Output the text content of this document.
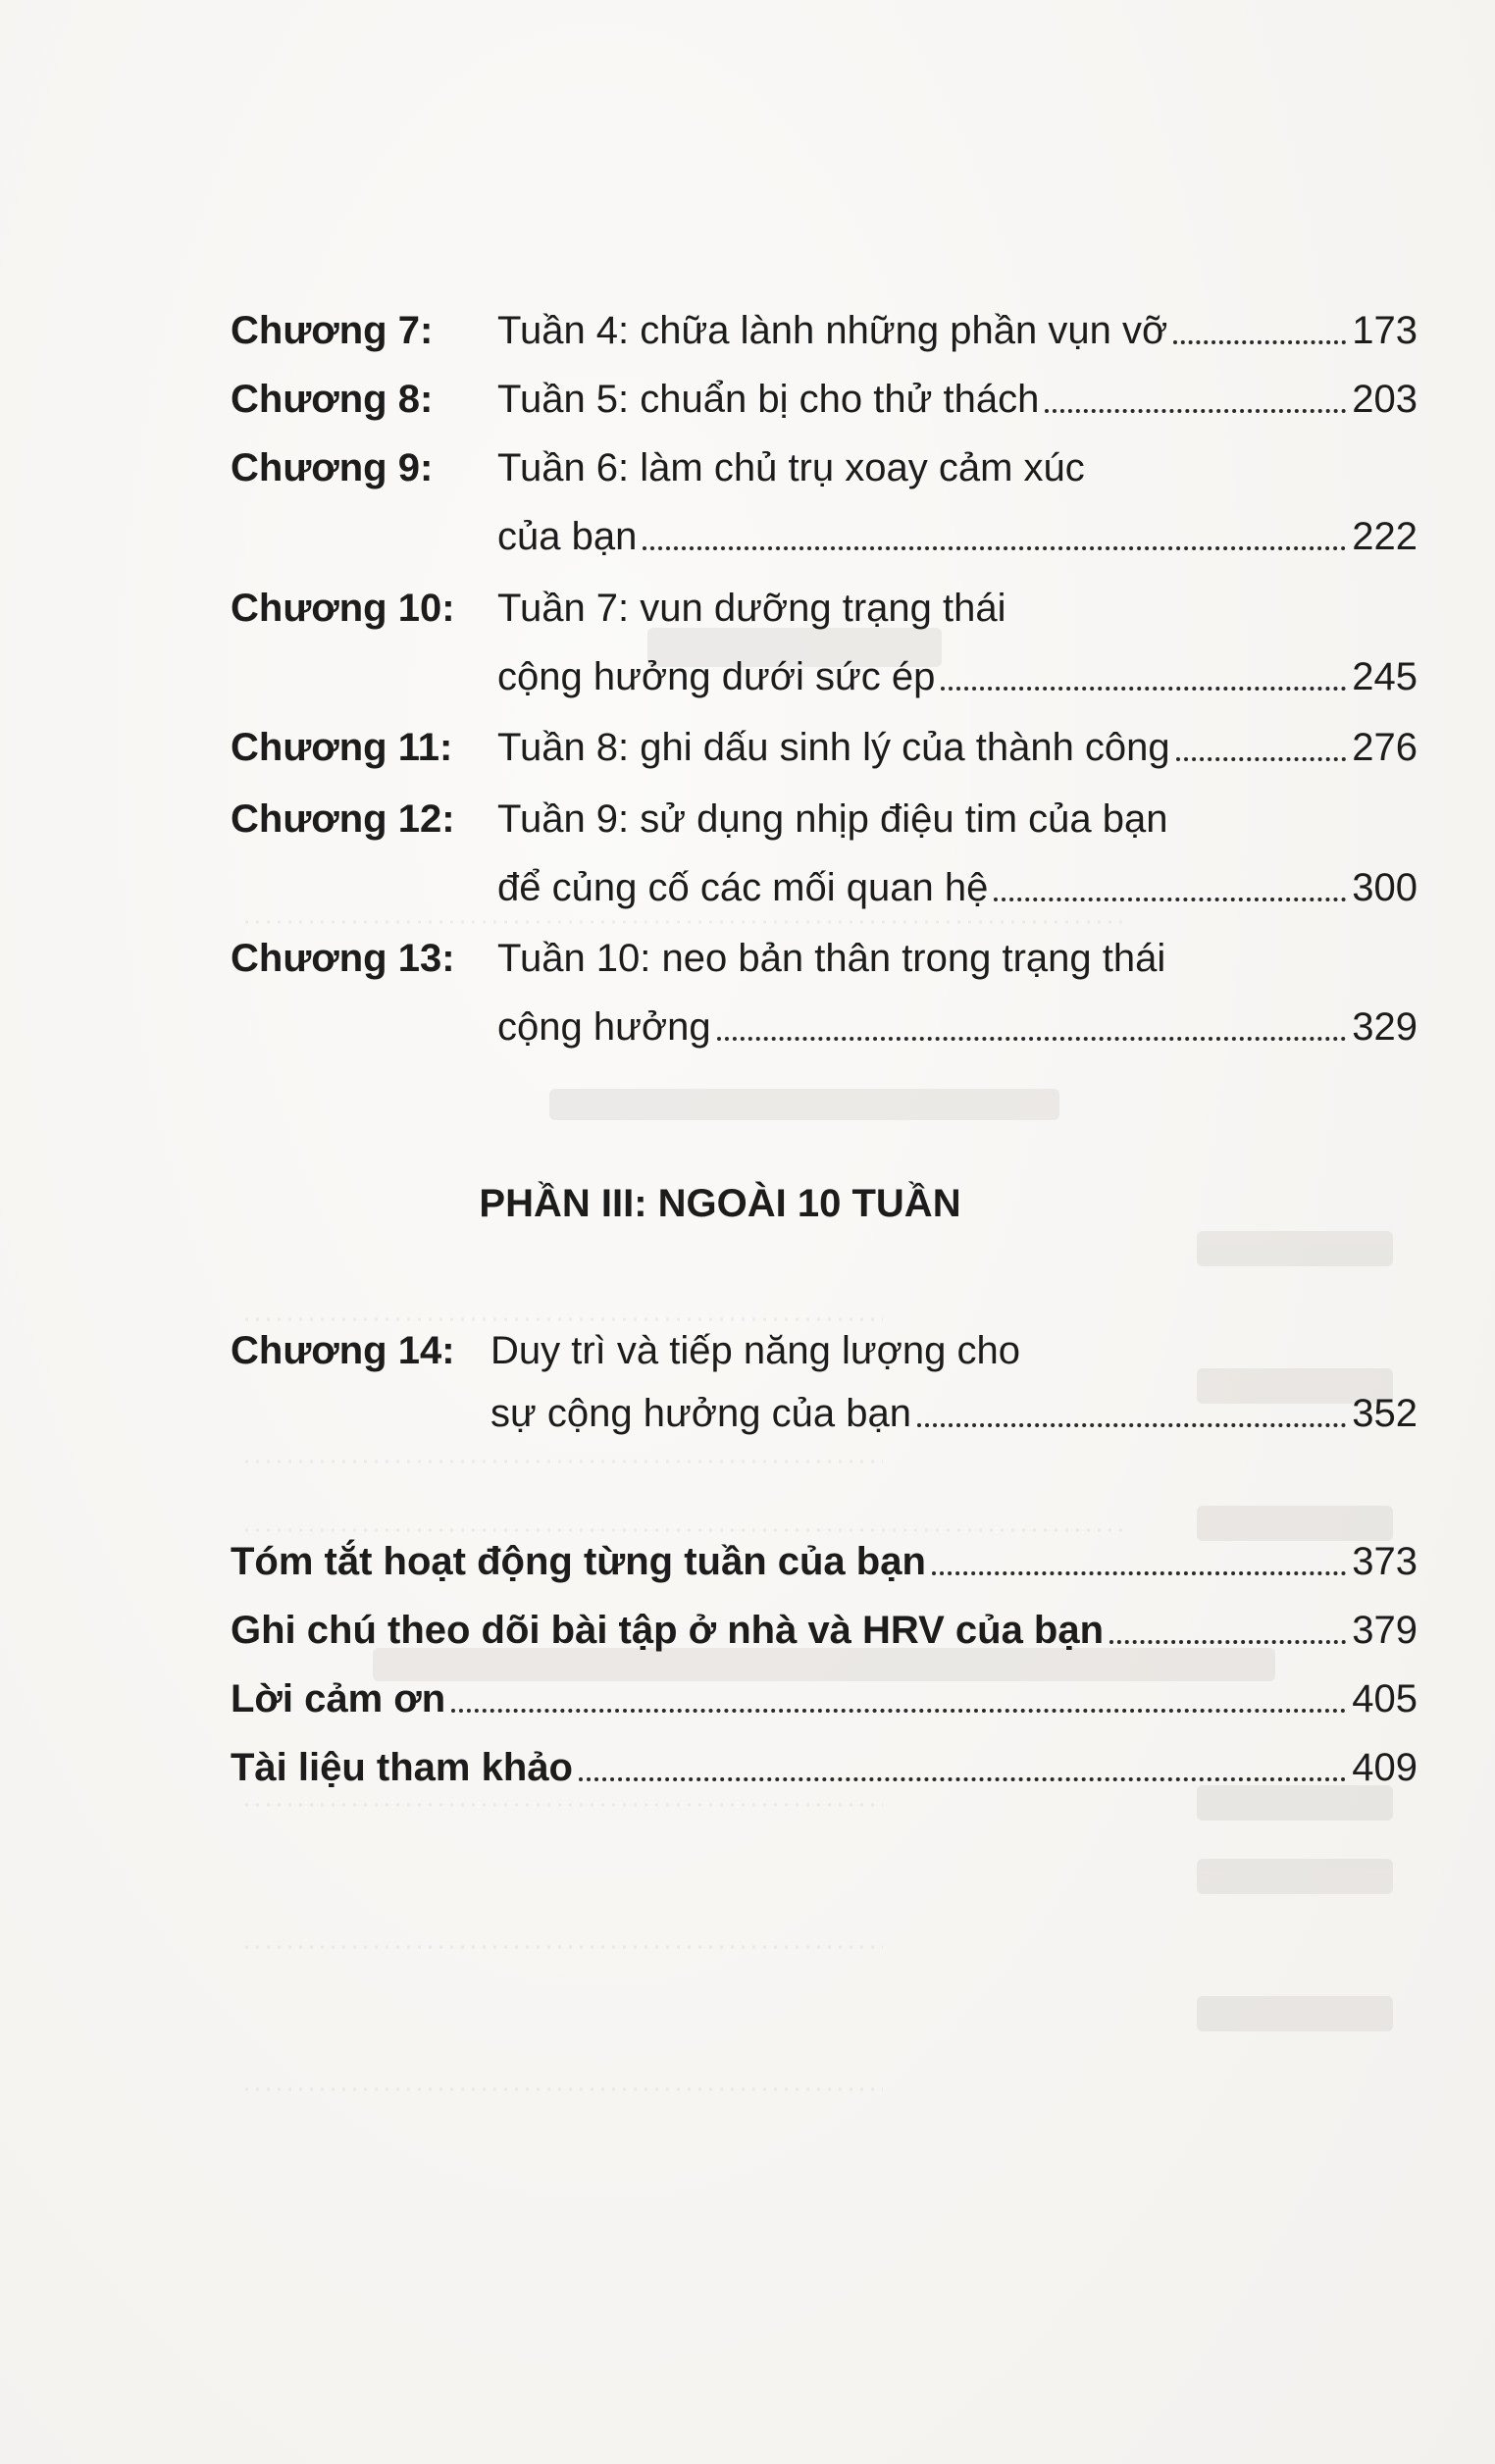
Chương 7:	Tuần 4: chữa lành những phần vụn vỡ	173
Chương 8:	Tuần 5: chuẩn bị cho thử thách	203
Chương 9:	Tuần 6: làm chủ trụ xoay cảm xúc
của bạn	222
Chương 10:	Tuần 7: vun dưỡng trạng thái
cộng hưởng dưới sức ép	245
Chương 11:	Tuần 8: ghi dấu sinh lý của thành công	276
Chương 12:	Tuần 9: sử dụng nhịp điệu tim của bạn
để củng cố các mối quan hệ	300
Chương 13:	Tuần 10: neo bản thân trong trạng thái
cộng hưởng	329
PHẦN III: NGOÀI 10 TUẦN
Chương 14: Duy trì và tiếp năng lượng cho
sự cộng hưởng của bạn	352
Tóm tắt hoạt động từng tuần của bạn	373
Ghi chú theo dõi bài tập ở nhà và HRV của bạn	379
Lời cảm ơn	405
Tài liệu tham khảo	409
